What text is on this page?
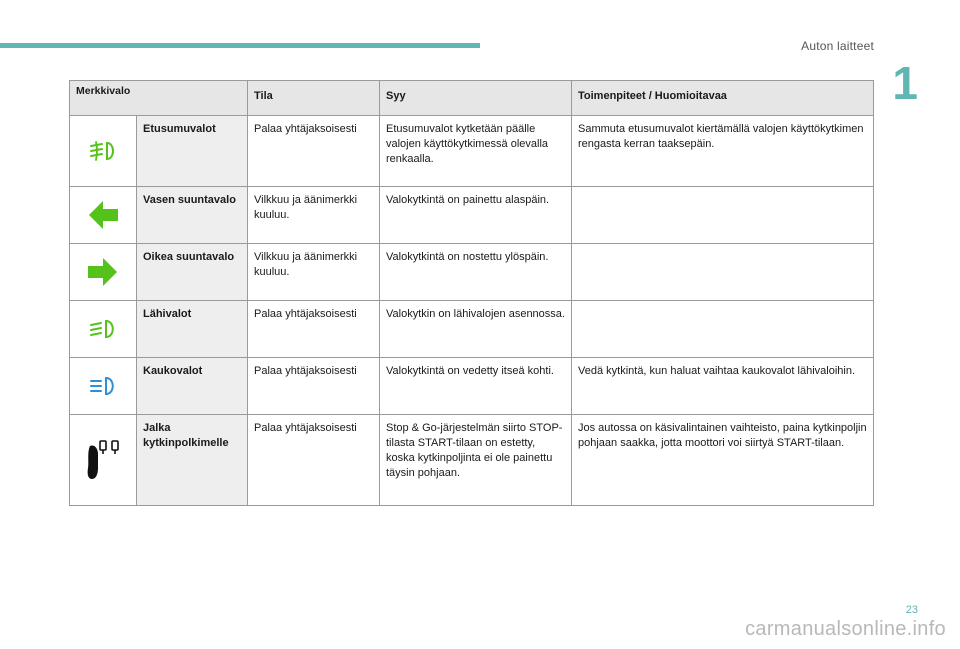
Auton laitteet
1
Merkkivalo		Tila	Syy	Toimenpiteet / Huomioitavaa
	Etusumuvalot	Palaa yhtäjaksoisesti	Etusumuvalot kytketään päälle valojen käyttökytkimessä olevalla renkaalla.	Sammuta etusumuvalot kiertämällä valojen käyttökytkimen rengasta kerran taaksepäin.
	Vasen suuntavalo	Vilkkuu ja äänimerkki kuuluu.	Valokytkintä on painettu alaspäin.	
	Oikea suuntavalo	Vilkkuu ja äänimerkki kuuluu.	Valokytkintä on nostettu ylöspäin.	
	Lähivalot	Palaa yhtäjaksoisesti	Valokytkin on lähivalojen asennossa.	
	Kaukovalot	Palaa yhtäjaksoisesti	Valokytkintä on vedetty itseä kohti.	Vedä kytkintä, kun haluat vaihtaa kaukovalot lähivaloihin.
	Jalka kytkinpolkimelle	Palaa yhtäjaksoisesti	Stop & Go-järjestelmän siirto STOP-tilasta START-tilaan on estetty, koska kytkinpoljinta ei ole painettu täysin pohjaan.	Jos autossa on käsivalintainen vaihteisto, paina kytkinpoljin pohjaan saakka, jotta moottori voi siirtyä START-tilaan.
23
carmanualsonline.info
